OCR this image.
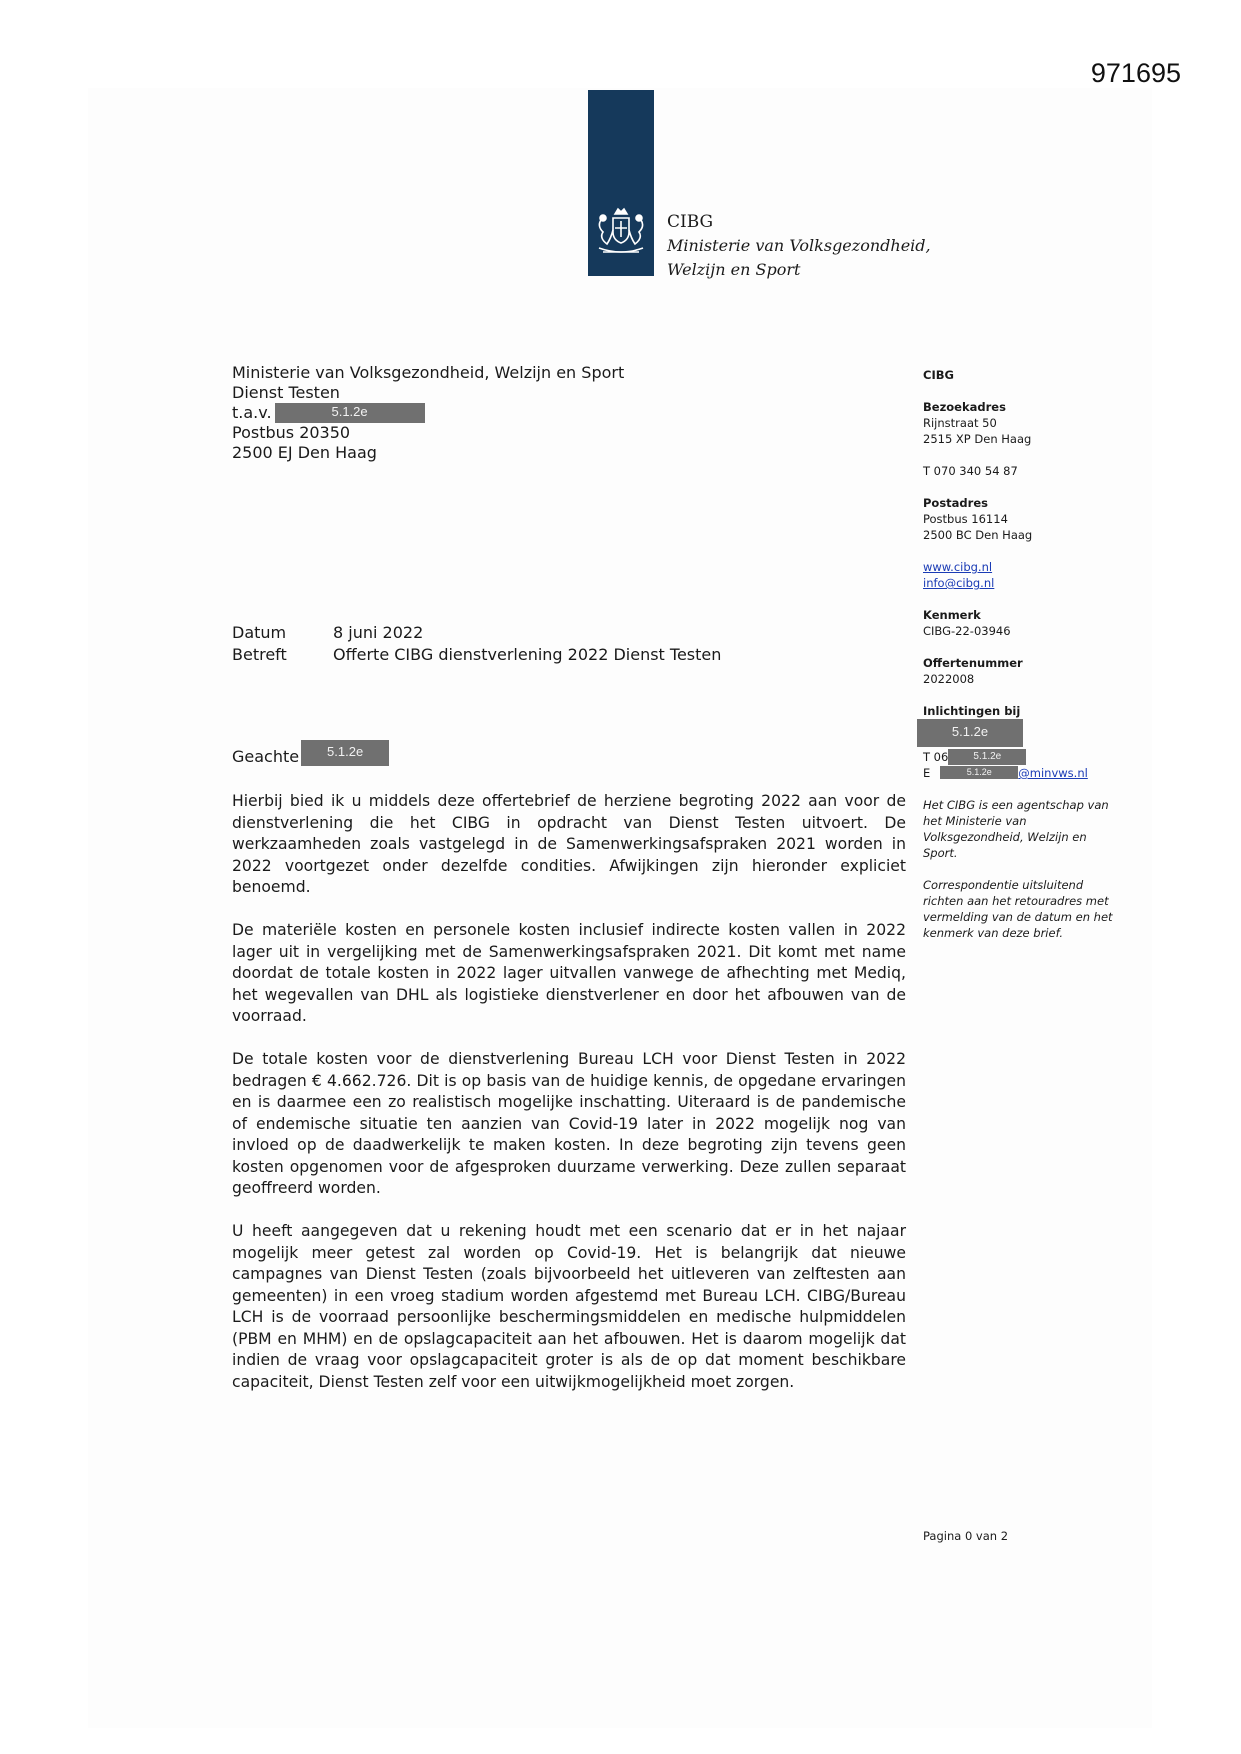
971695
CIBG
Ministerie van Volksgezondheid,
Welzijn en Sport
Ministerie van Volksgezondheid, Welzijn en Sport
Dienst Testen
t.a.v.	5.1.2e
Postbus 20350
2500 EJ Den Haag
Datum	8 juni 2022
Betreft	Offerte CIBG dienstverlening 2022 Dienst Testen
Geachte 5.1.2e

Hierbij bied ik u middels deze offertebrief de herziene begroting 2022 aan voor de dienstverlening die het CIBG in opdracht van Dienst Testen uitvoert. De werkzaamheden zoals vastgelegd in de Samenwerkingsafspraken 2021 worden in 2022 voortgezet onder dezelfde condities. Afwijkingen zijn hieronder expliciet benoemd.

De materiële kosten en personele kosten inclusief indirecte kosten vallen in 2022 lager uit in vergelijking met de Samenwerkingsafspraken 2021. Dit komt met name doordat de totale kosten in 2022 lager uitvallen vanwege de afhechting met Mediq, het wegevallen van DHL als logistieke dienstverlener en door het afbouwen van de voorraad.

De totale kosten voor de dienstverlening Bureau LCH voor Dienst Testen in 2022 bedragen € 4.662.726. Dit is op basis van de huidige kennis, de opgedane ervaringen en is daarmee een zo realistisch mogelijke inschatting. Uiteraard is de pandemische of endemische situatie ten aanzien van Covid-19 later in 2022 mogelijk nog van invloed op de daadwerkelijk te maken kosten. In deze begroting zijn tevens geen kosten opgenomen voor de afgesproken duurzame verwerking. Deze zullen separaat geoffreerd worden.

U heeft aangegeven dat u rekening houdt met een scenario dat er in het najaar mogelijk meer getest zal worden op Covid-19. Het is belangrijk dat nieuwe campagnes van Dienst Testen (zoals bijvoorbeeld het uitleveren van zelftesten aan gemeenten) in een vroeg stadium worden afgestemd met Bureau LCH. CIBG/Bureau LCH is de voorraad persoonlijke beschermingsmiddelen en medische hulpmiddelen (PBM en MHM) en de opslagcapaciteit aan het afbouwen. Het is daarom mogelijk dat indien de vraag voor opslagcapaciteit groter is als de op dat moment beschikbare capaciteit, Dienst Testen zelf voor een uitwijkmogelijkheid moet zorgen.

CIBG
Bezoekadres
Rijnstraat 50
2515 XP Den Haag
T 070 340 54 87
Postadres
Postbus 16114
2500 BC Den Haag
www.cibg.nl
info@cibg.nl
Kenmerk
CIBG-22-03946
Offertenummer
2022008
Inlichtingen bij
5.1.2e
T 06	5.1.2e
E	5.1.2e @minvws.nl
Het CIBG is een agentschap van het Ministerie van Volksgezondheid, Welzijn en Sport.
Correspondentie uitsluitend richten aan het retouradres met vermelding van de datum en het kenmerk van deze brief.
Pagina 0 van 2
